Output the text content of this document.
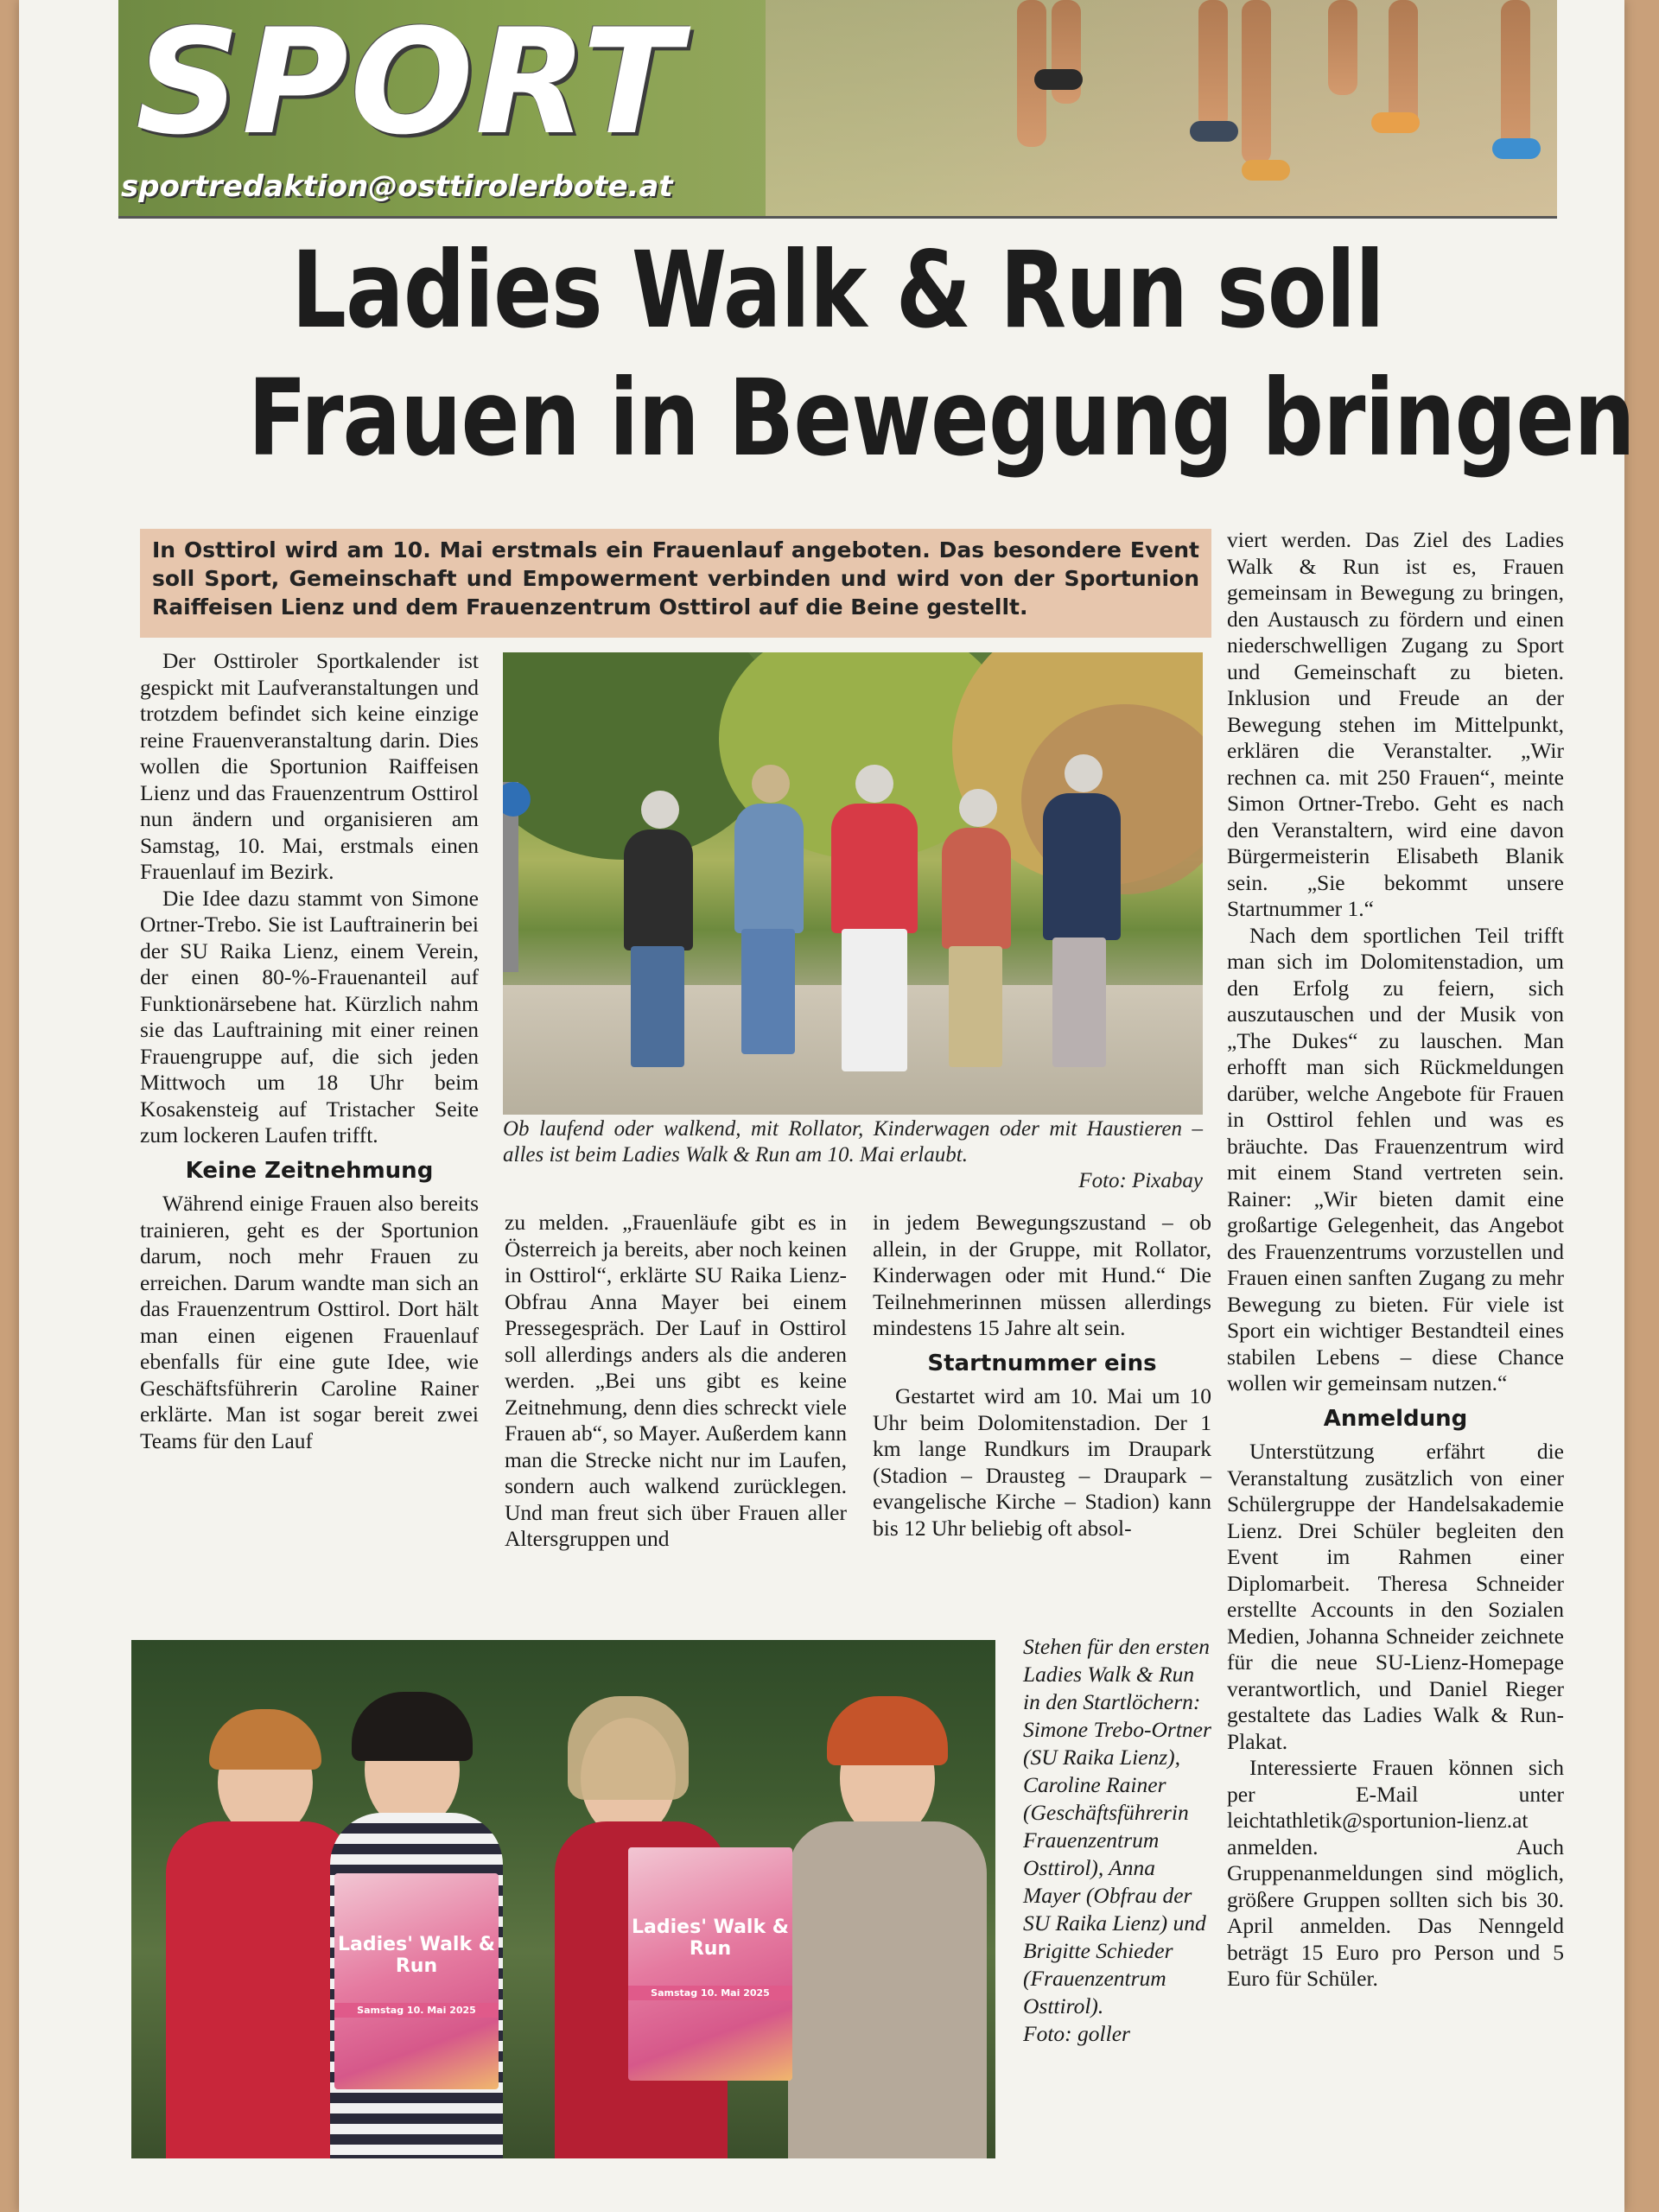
SPORT
sportredaktion@osttirolerbote.at
Ladies Walk & Run soll
Frauen in Bewegung bringen
In Osttirol wird am 10. Mai erstmals ein Frauenlauf angeboten. Das besondere Event soll Sport, Gemeinschaft und Empowerment verbinden und wird von der Sportunion Raiffeisen Lienz und dem Frauenzentrum Osttirol auf die Beine gestellt.

Der Osttiroler Sportkalender ist gespickt mit Laufveranstaltungen und trotzdem befindet sich keine einzige reine Frauenveranstaltung darin. Dies wollen die Sportunion Raiffeisen Lienz und das Frauenzentrum Osttirol nun ändern und organisieren am Samstag, 10. Mai, erstmals einen Frauenlauf im Bezirk.

Die Idee dazu stammt von Simone Ortner-Trebo. Sie ist Lauftrainerin bei der SU Raika Lienz, einem Verein, der einen 80-%-Frauenanteil auf Funktionärsebene hat. Kürzlich nahm sie das Lauftraining mit einer reinen Frauengruppe auf, die sich jeden Mittwoch um 18 Uhr beim Kosakensteig auf Tristacher Seite zum lockeren Laufen trifft.

Keine Zeitnehmung

Während einige Frauen also bereits trainieren, geht es der Sportunion darum, noch mehr Frauen zu erreichen. Darum wandte man sich an das Frauenzentrum Osttirol. Dort hält man einen eigenen Frauenlauf ebenfalls für eine gute Idee, wie Geschäftsführerin Caroline Rainer erklärte. Man ist sogar bereit zwei Teams für den Lauf

Ob laufend oder walkend, mit Rollator, Kinderwagen oder mit Haustieren – alles ist beim Ladies Walk & Run am 10. Mai erlaubt.
Foto: Pixabay

zu melden. „Frauenläufe gibt es in Österreich ja bereits, aber noch keinen in Osttirol“, erklärte SU Raika Lienz-Obfrau Anna Mayer bei einem Pressegespräch. Der Lauf in Osttirol soll allerdings anders als die anderen werden. „Bei uns gibt es keine Zeitnehmung, denn dies schreckt viele Frauen ab“, so Mayer. Außerdem kann man die Strecke nicht nur im Laufen, sondern auch walkend zurücklegen. Und man freut sich über Frauen aller Altersgruppen und

in jedem Bewegungszustand – ob allein, in der Gruppe, mit Rollator, Kinderwagen oder mit Hund.“ Die Teilnehmerinnen müssen allerdings mindestens 15 Jahre alt sein.

Startnummer eins

Gestartet wird am 10. Mai um 10 Uhr beim Dolomitenstadion. Der 1 km lange Rundkurs im Draupark (Stadion – Drausteg – Draupark – evangelische Kirche – Stadion) kann bis 12 Uhr beliebig oft absol-

viert werden. Das Ziel des Ladies Walk & Run ist es, Frauen gemeinsam in Bewegung zu bringen, den Austausch zu fördern und einen niederschwelligen Zugang zu Sport und Gemeinschaft zu bieten. Inklusion und Freude an der Bewegung stehen im Mittelpunkt, erklären die Veranstalter. „Wir rechnen ca. mit 250 Frauen“, meinte Simon Ortner-Trebo. Geht es nach den Veranstaltern, wird eine davon Bürgermeisterin Elisabeth Blanik sein. „Sie bekommt unsere Startnummer 1.“

Nach dem sportlichen Teil trifft man sich im Dolomitenstadion, um den Erfolg zu feiern, sich auszutauschen und der Musik von „The Dukes“ zu lauschen. Man erhofft man sich Rückmeldungen darüber, welche Angebote für Frauen in Osttirol fehlen und was es bräuchte. Das Frauenzentrum wird mit einem Stand vertreten sein. Rainer: „Wir bieten damit eine großartige Gelegenheit, das Angebot des Frauenzentrums vorzustellen und Frauen einen sanften Zugang zu mehr Bewegung zu bieten. Für viele ist Sport ein wichtiger Bestandteil eines stabilen Lebens – diese Chance wollen wir gemeinsam nutzen.“

Anmeldung

Unterstützung erfährt die Veranstaltung zusätzlich von einer Schülergruppe der Handelsakademie Lienz. Drei Schüler begleiten den Event im Rahmen einer Diplomarbeit. Theresa Schneider erstellte Accounts in den Sozialen Medien, Johanna Schneider zeichnete für die neue SU-Lienz-Homepage verantwortlich, und Daniel Rieger gestaltete das Ladies Walk & Run-Plakat.

Interessierte Frauen können sich per E-Mail unter leichtathletik@sportunion-lienz.at anmelden. Auch Gruppenanmeldungen sind möglich, größere Gruppen sollten sich bis 30. April anmelden. Das Nenngeld beträgt 15 Euro pro Person und 5 Euro für Schüler.

Ladies' Walk & Run
Samstag 10. Mai 2025
Ladies' Walk & Run
Samstag 10. Mai 2025
Stehen für den ersten Ladies Walk & Run in den Startlöchern: Simone Trebo-Ortner (SU Raika Lienz), Caroline Rainer (Geschäftsführerin Frauenzentrum Osttirol), Anna Mayer (Obfrau der SU Raika Lienz) und Brigitte Schieder (Frauenzentrum Osttirol).
Foto: goller
